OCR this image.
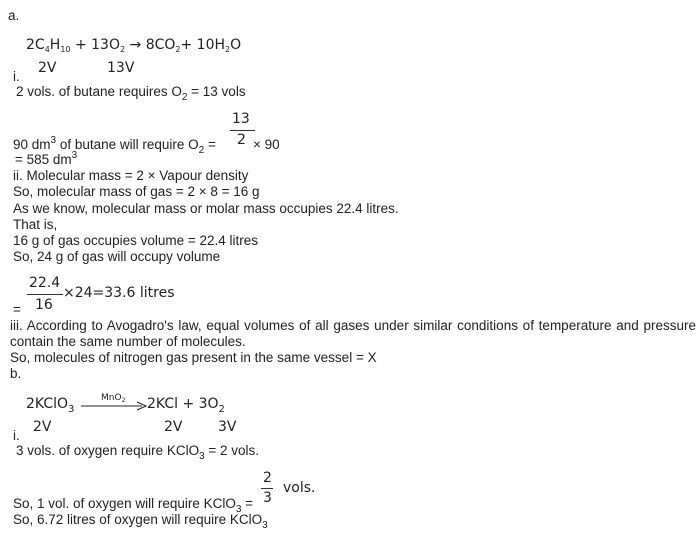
a.
$2C_4H_{10} + 13O_2 \to 8CO_2+ 10H_2O$
2V	13V
i.
2 vols. of butane requires $O_2 = 13$ vols
13
2
90 $dm^3$ of butane will require $O_2$ =	× 90
= 585 $dm^3$
ii. Molecular mass = 2 × Vapour density
So, molecular mass of gas = 2 × 8 = 16 g
As we know, molecular mass or molar mass occupies 22.4 litres.
That is,
16 g of gas occupies volume = 22.4 litres
So, 24 g of gas will occupy volume
22.4
16
=
×24=33.6 litres
iii. According to Avogadro's law, equal volumes of all gases under similar conditions of temperature and pressure contain the same number of molecules.
So, molecules of nitrogen gas present in the same vessel = X
b.
2KClO$_3$
MnO$_2$ $2KCl + 3O_2$
2V	2V	3V
i.
3 vols. of oxygen require KClO$_3$ = 2 vols.
2
3
vols.
So, 1 vol. of oxygen will require KClO$_3$ =
So, 6.72 litres of oxygen will require KClO$_3$
